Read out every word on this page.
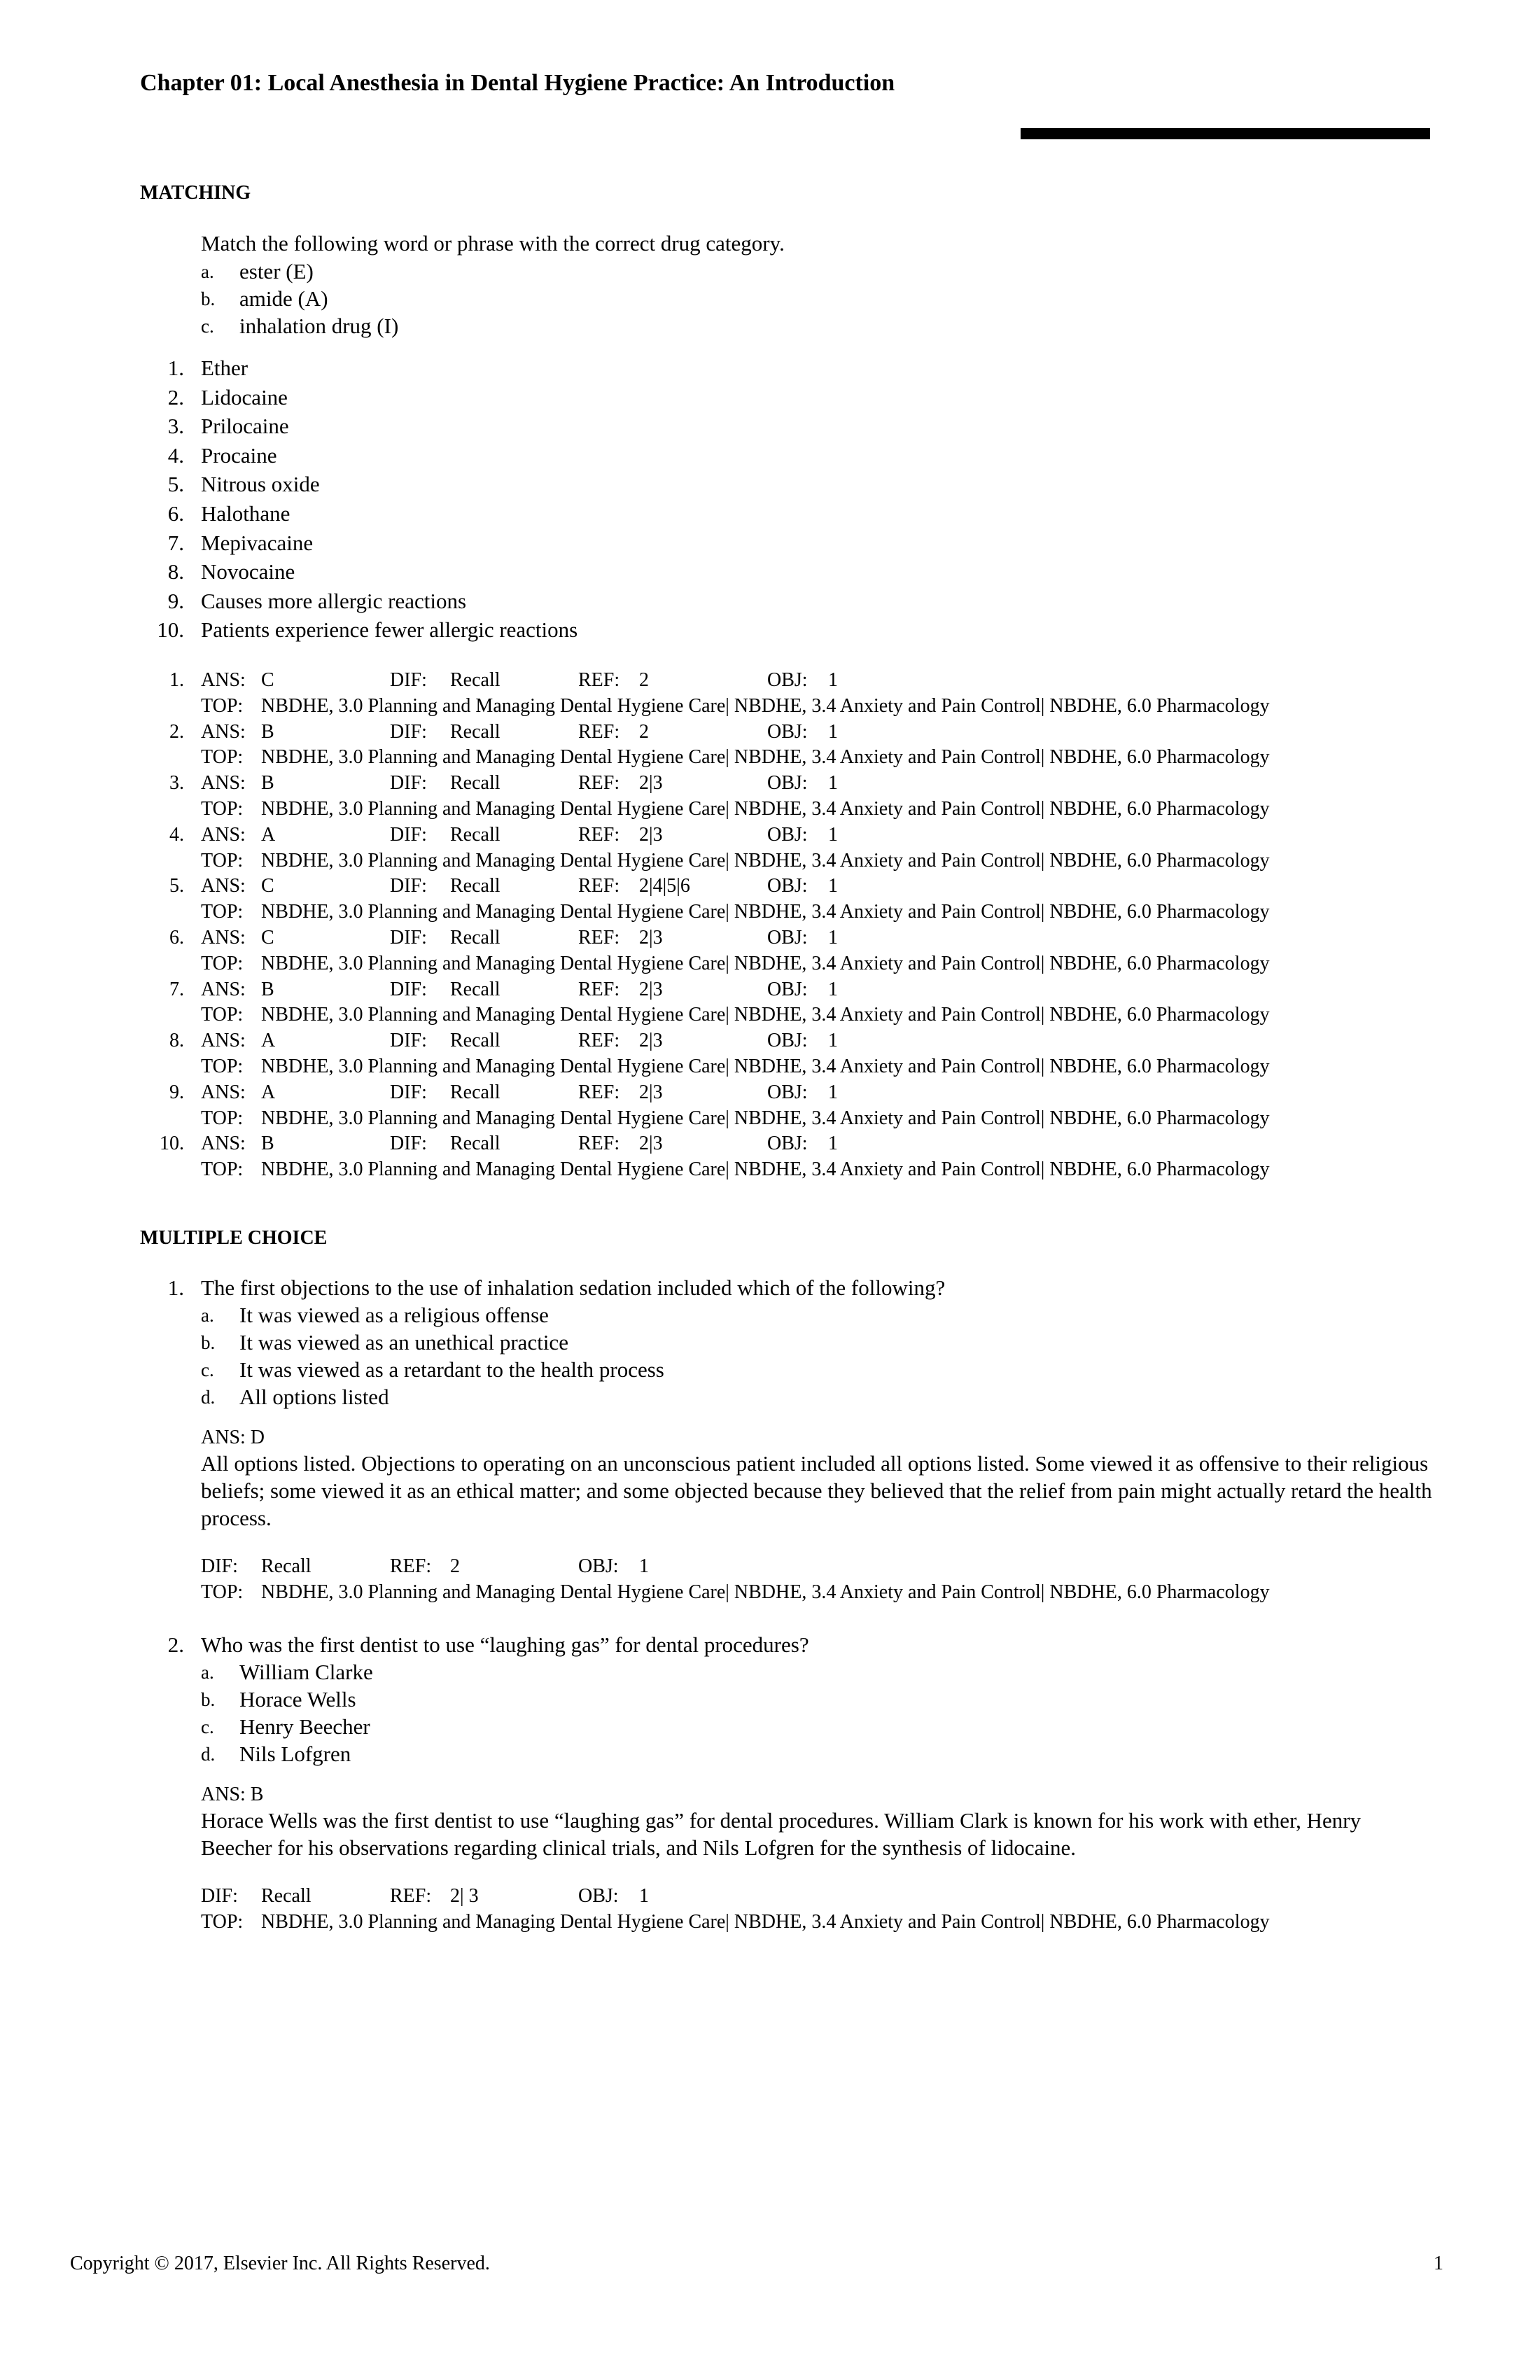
Chapter 01: Local Anesthesia in Dental Hygiene Practice: An Introduction
MATCHING
Match the following word or phrase with the correct drug category.
a. ester (E)
b. amide (A)
c. inhalation drug (I)
1. Ether
2. Lidocaine
3. Prilocaine
4. Procaine
5. Nitrous oxide
6. Halothane
7. Mepivacaine
8. Novocaine
9. Causes more allergic reactions
10. Patients experience fewer allergic reactions
1. ANS: C	DIF: Recall	REF: 2	OBJ: 1
TOP: NBDHE, 3.0 Planning and Managing Dental Hygiene Care| NBDHE, 3.4 Anxiety and Pain Control| NBDHE, 6.0 Pharmacology
2. ANS: B	DIF: Recall	REF: 2	OBJ: 1
TOP: NBDHE, 3.0 Planning and Managing Dental Hygiene Care| NBDHE, 3.4 Anxiety and Pain Control| NBDHE, 6.0 Pharmacology
3. ANS: B	DIF: Recall	REF: 2|3	OBJ: 1
TOP: NBDHE, 3.0 Planning and Managing Dental Hygiene Care| NBDHE, 3.4 Anxiety and Pain Control| NBDHE, 6.0 Pharmacology
4. ANS: A	DIF: Recall	REF: 2|3	OBJ: 1
TOP: NBDHE, 3.0 Planning and Managing Dental Hygiene Care| NBDHE, 3.4 Anxiety and Pain Control| NBDHE, 6.0 Pharmacology
5. ANS: C	DIF: Recall	REF: 2|4|5|6	OBJ: 1
TOP: NBDHE, 3.0 Planning and Managing Dental Hygiene Care| NBDHE, 3.4 Anxiety and Pain Control| NBDHE, 6.0 Pharmacology
6. ANS: C	DIF: Recall	REF: 2|3	OBJ: 1
TOP: NBDHE, 3.0 Planning and Managing Dental Hygiene Care| NBDHE, 3.4 Anxiety and Pain Control| NBDHE, 6.0 Pharmacology
7. ANS: B	DIF: Recall	REF: 2|3	OBJ: 1
TOP: NBDHE, 3.0 Planning and Managing Dental Hygiene Care| NBDHE, 3.4 Anxiety and Pain Control| NBDHE, 6.0 Pharmacology
8. ANS: A	DIF: Recall	REF: 2|3	OBJ: 1
TOP: NBDHE, 3.0 Planning and Managing Dental Hygiene Care| NBDHE, 3.4 Anxiety and Pain Control| NBDHE, 6.0 Pharmacology
9. ANS: A	DIF: Recall	REF: 2|3	OBJ: 1
TOP: NBDHE, 3.0 Planning and Managing Dental Hygiene Care| NBDHE, 3.4 Anxiety and Pain Control| NBDHE, 6.0 Pharmacology
10. ANS: B	DIF: Recall	REF: 2|3	OBJ: 1
TOP: NBDHE, 3.0 Planning and Managing Dental Hygiene Care| NBDHE, 3.4 Anxiety and Pain Control| NBDHE, 6.0 Pharmacology
MULTIPLE CHOICE
1. The first objections to the use of inhalation sedation included which of the following?
a. It was viewed as a religious offense
b. It was viewed as an unethical practice
c. It was viewed as a retardant to the health process
d. All options listed
ANS: D
All options listed. Objections to operating on an unconscious patient included all options listed. Some viewed it as offensive to their religious beliefs; some viewed it as an ethical matter; and some objected because they believed that the relief from pain might actually retard the health process.
DIF: Recall	REF: 2	OBJ: 1
TOP: NBDHE, 3.0 Planning and Managing Dental Hygiene Care| NBDHE, 3.4 Anxiety and Pain Control| NBDHE, 6.0 Pharmacology
2. Who was the first dentist to use “laughing gas” for dental procedures?
a. William Clarke
b. Horace Wells
c. Henry Beecher
d. Nils Lofgren
ANS: B
Horace Wells was the first dentist to use “laughing gas” for dental procedures. William Clark is known for his work with ether, Henry Beecher for his observations regarding clinical trials, and Nils Lofgren for the synthesis of lidocaine.
DIF: Recall	REF: 2| 3	OBJ: 1
TOP: NBDHE, 3.0 Planning and Managing Dental Hygiene Care| NBDHE, 3.4 Anxiety and Pain Control| NBDHE, 6.0 Pharmacology
Copyright © 2017, Elsevier Inc. All Rights Reserved.	1
